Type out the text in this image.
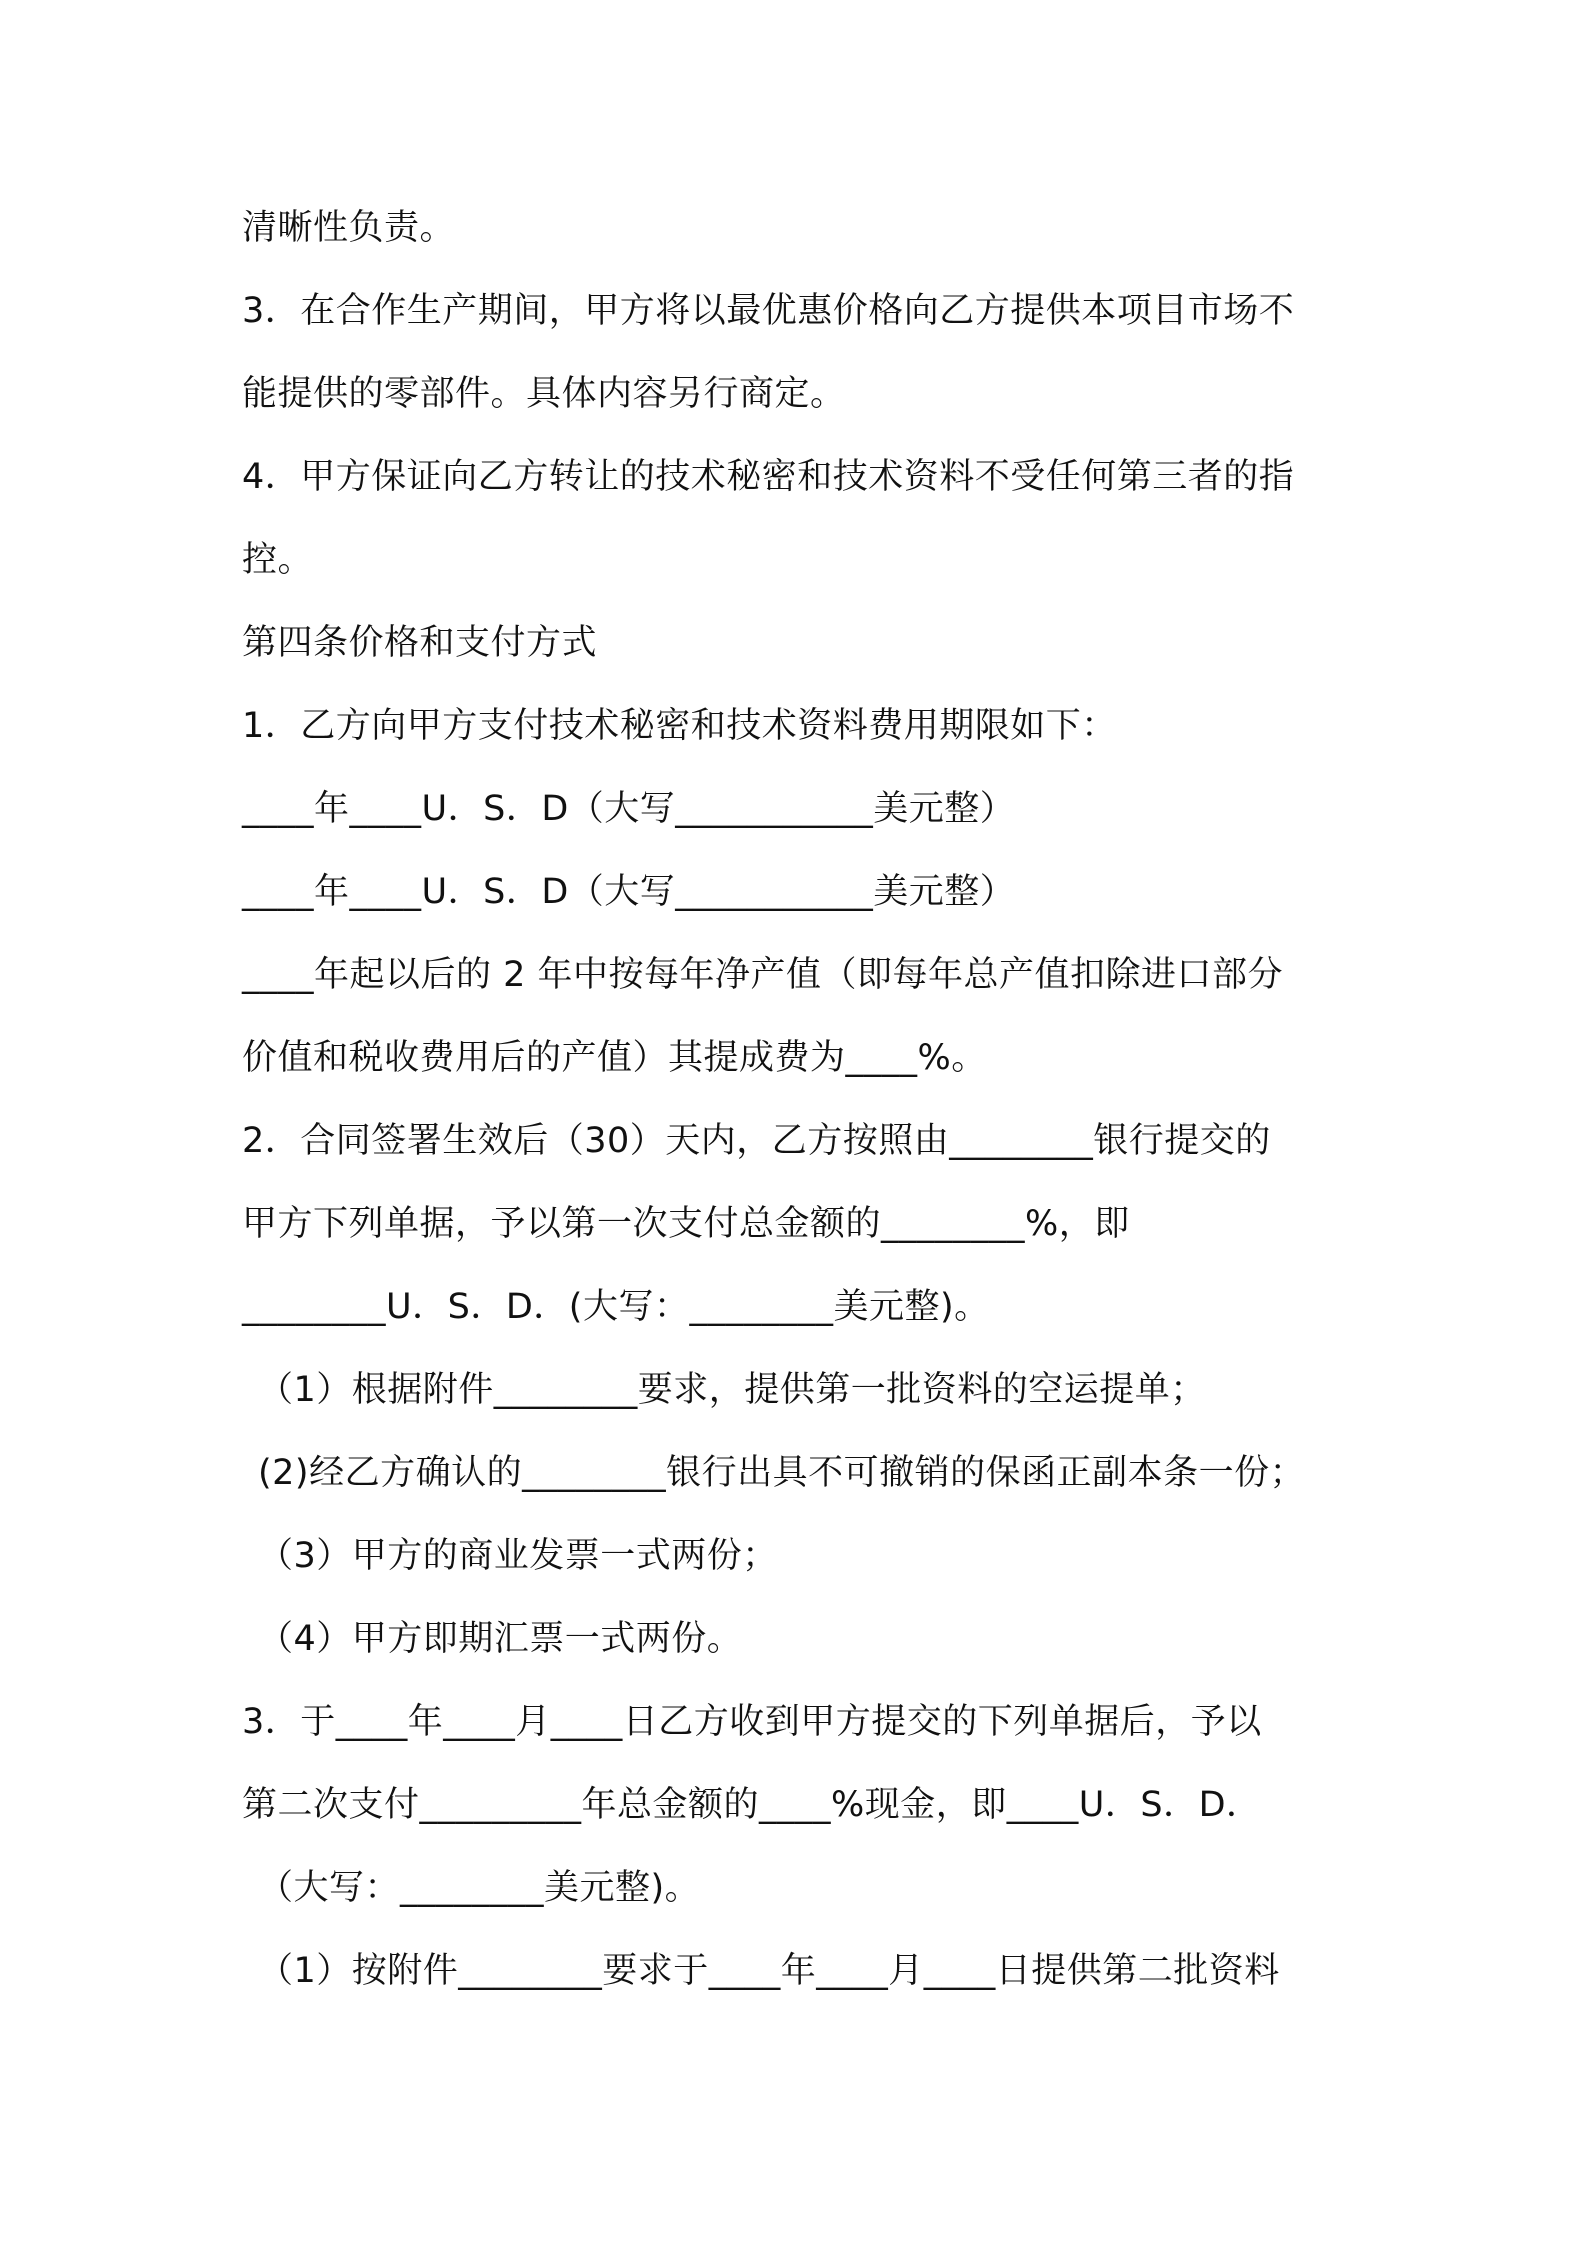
清晰性负责。
3．在合作生产期间，甲方将以最优惠价格向乙方提供本项目市场不
能提供的零部件。具体内容另行商定。
4．甲方保证向乙方转让的技术秘密和技术资料不受任何第三者的指
控。
第四条价格和支付方式
1．乙方向甲方支付技术秘密和技术资料费用期限如下：
____年____U．S．D（大写___________美元整）
____年____U．S．D（大写___________美元整）
____年起以后的 2 年中按每年净产值（即每年总产值扣除进口部分
价值和税收费用后的产值）其提成费为____%。
2．合同签署生效后（30）天内，乙方按照由________银行提交的
甲方下列单据，予以第一次支付总金额的________%，即
________U．S．D．(大写：________美元整)。
（1）根据附件________要求，提供第一批资料的空运提单；
(2)经乙方确认的________银行出具不可撤销的保函正副本条一份；
（3）甲方的商业发票一式两份；
（4）甲方即期汇票一式两份。
3．于____年____月____日乙方收到甲方提交的下列单据后，予以
第二次支付_________年总金额的____%现金，即____U．S．D．
（大写：________美元整)。
（1）按附件________要求于____年____月____日提供第二批资料
